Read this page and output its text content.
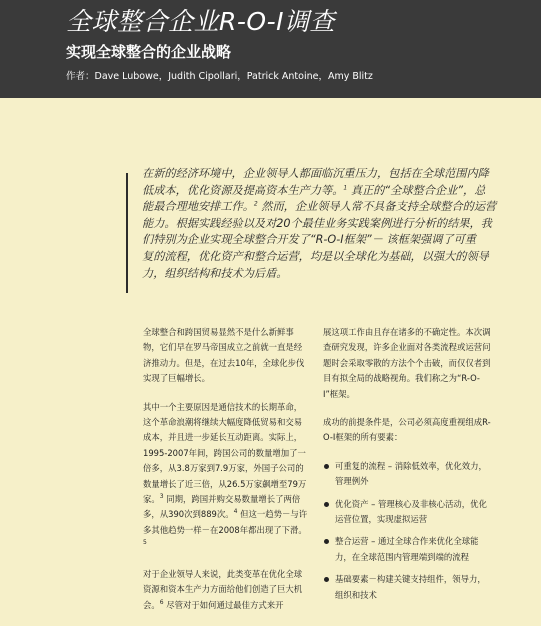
全球整合企业R-O-I调查
实现全球整合的企业战略
作者：Dave Lubowe，Judith Cipollari，Patrick Antoine，Amy Blitz

在新的经济环境中，企业领导人都面临沉重压力，包括在全球范围内降

低成本，优化资源及提高资本生产力等。$^1$ 真正的“全球整合企业”，总

能最合理地安排工作。$^2$ 然而，企业领导人常不具备支持全球整合的运营

能力。根据实践经验以及对20个最佳业务实践案例进行分析的结果，我

们特别为企业实现全球整合开发了“R-O-I框架”－ 该框架强调了可重

复的流程，优化资产和整合运营，均是以全球化为基础，以强大的领导

力，组织结构和技术为后盾。

全球整合和跨国贸易显然不是什么新鲜事物，它们早在罗马帝国成立之前就一直是经济推动力。但是，在过去10年，全球化步伐实现了巨幅增长。

其中一个主要原因是通信技术的长期革命，这个革命浪潮将继续大幅度降低贸易和交易成本，并且进一步延长互动距离。实际上，1995-2007年间，跨国公司的数量增加了一倍多，从3.8万家到7.9万家，外国子公司的数量增长了近三倍，从26.5万家飙增至79万家。$^3$ 同期，跨国并购交易数量增长了两倍多，从390次到889次。$^4$ 但这一趋势－与许多其他趋势一样－在2008年都出现了下滑。$^5$

对于企业领导人来说，此类变革在优化全球资源和资本生产力方面给他们创造了巨大机会。$^6$ 尽管对于如何通过最佳方式来开

展这项工作由且存在诸多的不确定性。本次调查研究发现，许多企业面对各类流程或运营问题时会采取零散的方法个个击破，而仅仅者到目有拟全局的战略视角。我们称之为“R-O-I”框架。

成功的前提条件是，公司必须高度重视组成R-O-I框架的所有要素：

可重复的流程 – 消除低效率，优化效力，管理例外
优化资产 – 管理核心及非核心活动，优化运营位置，实现虚拟运营
整合运营 – 通过全球合作来优化全球能力，在全球范围内管理端到端的流程
基础要素－构建关键支持组件，领导力，组织和技术
